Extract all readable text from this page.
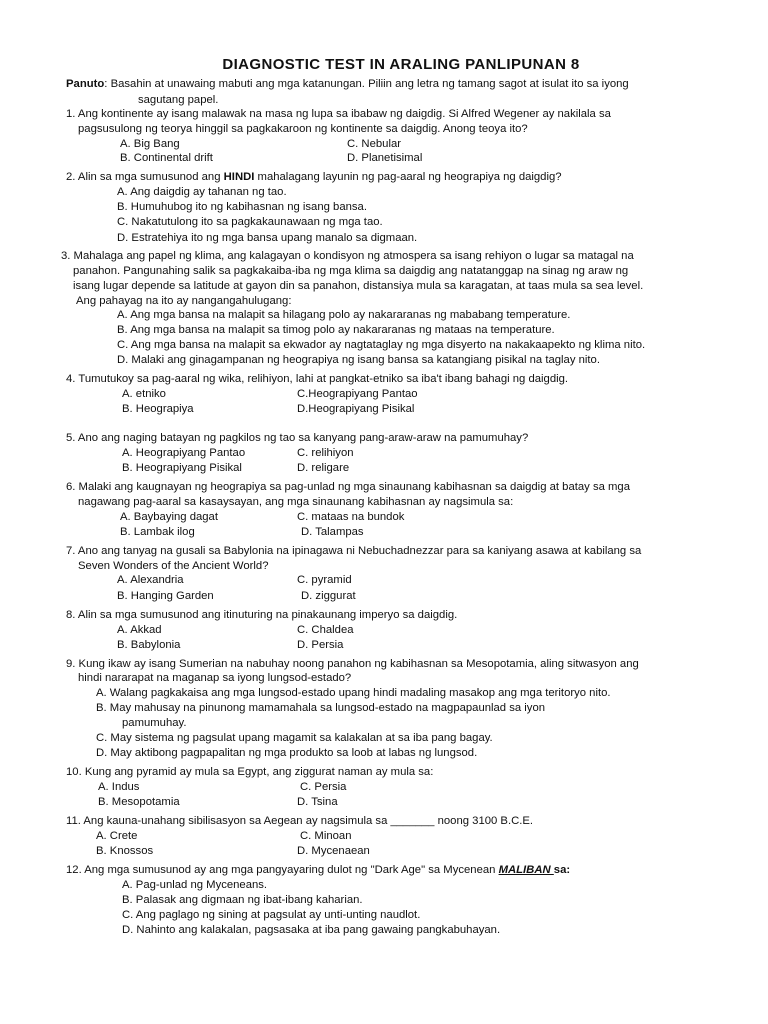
DIAGNOSTIC TEST IN ARALING PANLIPUNAN 8
Panuto: Basahin at unawaing mabuti ang mga katanungan. Piliin ang letra ng tamang sagot at isulat ito sa iyong
sagutang papel.
1. Ang kontinente ay isang malawak na masa ng lupa sa ibabaw ng daigdig. Si Alfred Wegener ay nakilala sa
pagsusulong ng teorya hinggil sa pagkakaroon ng kontinente sa daigdig. Anong teoya ito?
A. Big Bang	C. Nebular
B. Continental drift	D. Planetisimal
2. Alin sa mga sumusunod ang HINDI mahalagang layunin ng pag-aaral ng heograpiya ng daigdig?
A. Ang daigdig ay tahanan ng tao.
B. Humuhubog ito ng kabihasnan ng isang bansa.
C. Nakatutulong ito sa pagkakaunawaan ng mga tao.
D. Estratehiya ito ng mga bansa upang manalo sa digmaan.
3. Mahalaga ang papel ng klima, ang kalagayan o kondisyon ng atmospera sa isang rehiyon o lugar sa matagal na
panahon. Pangunahing salik sa pagkakaiba-iba ng mga klima sa daigdig ang natatanggap na sinag ng araw ng
isang lugar depende sa latitude at gayon din sa panahon, distansiya mula sa karagatan, at taas mula sa sea level.
Ang pahayag na ito ay nangangahulugang:
A. Ang mga bansa na malapit sa hilagang polo ay nakararanas ng mababang temperature.
B. Ang mga bansa na malapit sa timog polo ay nakararanas ng mataas na temperature.
C. Ang mga bansa na malapit sa ekwador ay nagtataglay ng mga disyerto na nakakaapekto ng klima nito.
D. Malaki ang ginagampanan ng heograpiya ng isang bansa sa katangiang pisikal na taglay nito.
4. Tumutukoy sa pag-aaral ng wika, relihiyon, lahi at pangkat-etniko sa iba't ibang bahagi ng daigdig.
A. etniko	C.Heograpiyang Pantao
B. Heograpiya	D.Heograpiyang Pisikal
5. Ano ang naging batayan ng pagkilos ng tao sa kanyang pang-araw-araw na pamumuhay?
A. Heograpiyang Pantao	C. relihiyon
B. Heograpiyang Pisikal	D. religare
6. Malaki ang kaugnayan ng heograpiya sa pag-unlad ng mga sinaunang kabihasnan sa daigdig at batay sa mga
nagawang pag-aaral sa kasaysayan, ang mga sinaunang kabihasnan ay nagsimula sa:
A. Baybaying dagat	C. mataas na bundok
B. Lambak ilog	D. Talampas
7. Ano ang tanyag na gusali sa Babylonia na ipinagawa ni Nebuchadnezzar para sa kaniyang asawa at kabilang sa
Seven Wonders of the Ancient World?
A. Alexandria	C. pyramid
B. Hanging Garden	D. ziggurat
8. Alin sa mga sumusunod ang itinuturing na pinakaunang imperyo sa daigdig.
A. Akkad	C. Chaldea
B. Babylonia	D. Persia
9. Kung ikaw ay isang Sumerian na nabuhay noong panahon ng kabihasnan sa Mesopotamia, aling sitwasyon ang
hindi nararapat na maganap sa iyong lungsod-estado?
A. Walang pagkakaisa ang mga lungsod-estado upang hindi madaling masakop ang mga teritoryo nito.
B. May mahusay na pinunong mamamahala sa lungsod-estado na magpapaunlad sa iyon
pamumuhay.
C. May sistema ng pagsulat upang magamit sa kalakalan at sa iba pang bagay.
D. May aktibong pagpapalitan ng mga produkto sa loob at labas ng lungsod.
10. Kung ang pyramid ay mula sa Egypt, ang ziggurat naman ay mula sa:
A. Indus	C. Persia
B. Mesopotamia	D. Tsina
11. Ang kauna-unahang sibilisasyon sa Aegean ay nagsimula sa _______ noong 3100 B.C.E.
A. Crete	C. Minoan
B. Knossos	D. Mycenaean
12. Ang mga sumusunod ay ang mga pangyayaring dulot ng "Dark Age" sa Mycenean MALIBAN sa:
A. Pag-unlad ng Myceneans.
B. Palasak ang digmaan ng ibat-ibang kaharian.
C. Ang paglago ng sining at pagsulat ay unti-unting naudlot.
D. Nahinto ang kalakalan, pagsasaka at iba pang gawaing pangkabuhayan.
